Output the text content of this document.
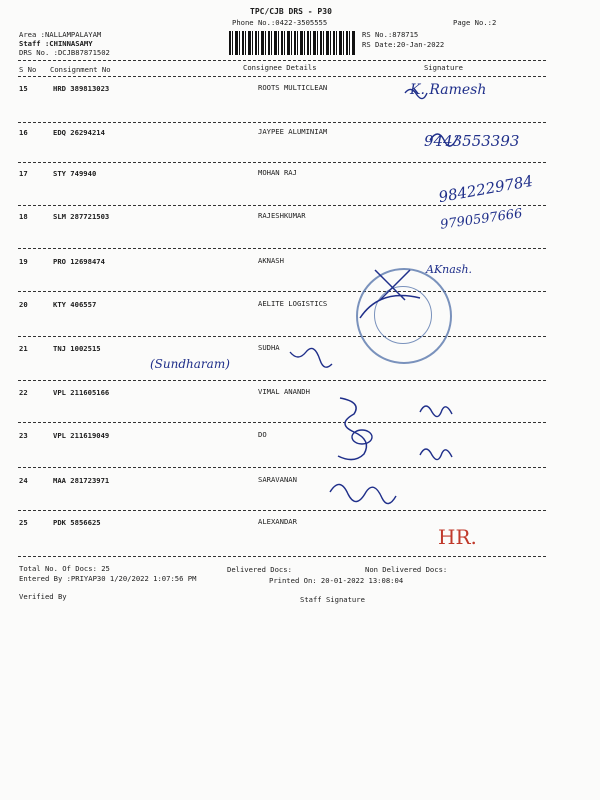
TPC/CJB DRS - P30
Phone No.:0422-3505555	Page No.:2
Area :NALLAMPALAYAM
Staff :CHINNASAMY
DRS No. :DCJB87871502
RS No.:878715
RS Date:20-Jan-2022
S No Consignment No	Consignee Details	Signature
15	HRD 389813023	ROOTS MULTICLEAN
16	EDQ 26294214	JAYPEE ALUMINIAM
17	STY 749940	MOHAN RAJ
18	SLM 287721503	RAJESHKUMAR
19	PRO 12698474	AKNASH
20	KTY 406557	AELITE LOGISTICS
21	TNJ 1002515	SUDHA
22	VPL 211605166	VIMAL ANANDH
23	VPL 211619049	DO
24	MAA 281723971	SARAVANAN
25	PDK 5856625	ALEXANDAR
K. Ramesh
9443553393
9842229784
9790597666
AKnash.
(Sundharam)
HR.
Total No. Of Docs: 25	Delivered Docs:	Non Delivered Docs:
Entered By :PRIYAP30 1/20/2022 1:07:56 PM	Printed On: 20-01-2022 13:08:04
Verified By	Staff Signature
